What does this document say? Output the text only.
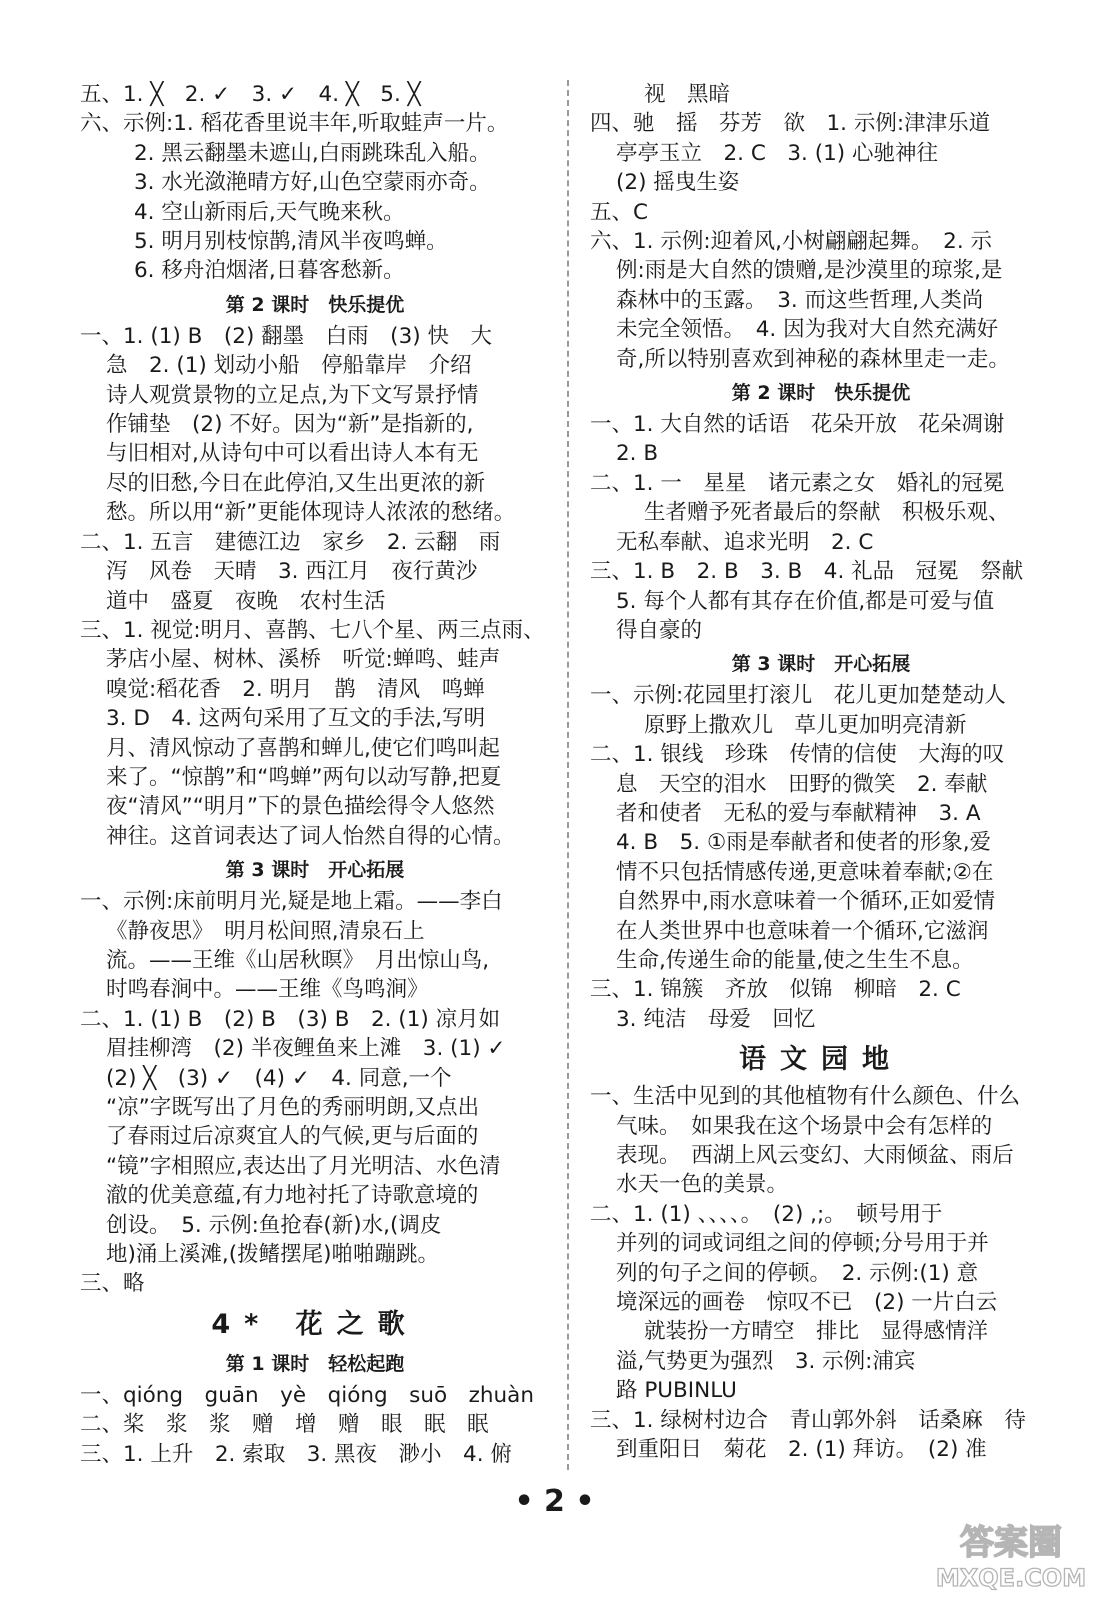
五、1. ╳　2. ✓　3. ✓　4. ╳　5. ╳
六、示例:1. 稻花香里说丰年,听取蛙声一片。
2. 黑云翻墨未遮山,白雨跳珠乱入船。
3. 水光潋滟晴方好,山色空蒙雨亦奇。
4. 空山新雨后,天气晚来秋。
5. 明月别枝惊鹊,清风半夜鸣蝉。
6. 移舟泊烟渚,日暮客愁新。
第 2 课时　快乐提优
一、1. (1) B　(2) 翻墨　白雨　(3) 快　大
急　2. (1) 划动小船　停船靠岸　介绍
诗人观赏景物的立足点,为下文写景抒情
作铺垫　(2) 不好。因为“新”是指新的,
与旧相对,从诗句中可以看出诗人本有无
尽的旧愁,今日在此停泊,又生出更浓的新
愁。所以用“新”更能体现诗人浓浓的愁绪。
二、1. 五言　建德江边　家乡　2. 云翻　雨
泻　风卷　天晴　3. 西江月　夜行黄沙
道中　盛夏　夜晚　农村生活
三、1. 视觉:明月、喜鹊、七八个星、两三点雨、
茅店小屋、树林、溪桥　听觉:蝉鸣、蛙声
嗅觉:稻花香　2. 明月　鹊　清风　鸣蝉
3. D　4. 这两句采用了互文的手法,写明
月、清风惊动了喜鹊和蝉儿,使它们鸣叫起
来了。“惊鹊”和“鸣蝉”两句以动写静,把夏
夜“清风”“明月”下的景色描绘得令人悠然
神往。这首词表达了词人怡然自得的心情。
第 3 课时　开心拓展
一、示例:床前明月光,疑是地上霜。——李白
《静夜思》　明月松间照,清泉石上
流。——王维《山居秋暝》　月出惊山鸟,
时鸣春涧中。——王维《鸟鸣涧》
二、1. (1) B　(2) B　(3) B　2. (1) 凉月如
眉挂柳湾　(2) 半夜鲤鱼来上滩　3. (1) ✓
(2) ╳　(3) ✓　(4) ✓　4. 同意,一个
“凉”字既写出了月色的秀丽明朗,又点出
了春雨过后凉爽宜人的气候,更与后面的
“镜”字相照应,表达出了月光明洁、水色清
澈的优美意蕴,有力地衬托了诗歌意境的
创设。　5. 示例:鱼抢春(新)水,(调皮
地)涌上溪滩,(拨鳍摆尾)啪啪蹦跳。
三、略
4* 花之歌
第 1 课时　轻松起跑
一、qióng　guān　yè　qióng　suō　zhuàn
二、桨　浆　浆　赠　增　赠　眼　眠　眠
三、1. 上升　2. 索取　3. 黑夜　渺小　4. 俯
视　黑暗
四、驰　摇　芬芳　欲　1. 示例:津津乐道
亭亭玉立　2. C　3. (1) 心驰神往
(2) 摇曳生姿
五、C
六、1. 示例:迎着风,小树翩翩起舞。　2. 示
例:雨是大自然的馈赠,是沙漠里的琼浆,是
森林中的玉露。　3. 而这些哲理,人类尚
未完全领悟。　4. 因为我对大自然充满好
奇,所以特别喜欢到神秘的森林里走一走。
第 2 课时　快乐提优
一、1. 大自然的话语　花朵开放　花朵凋谢
2. B
二、1. 一　星星　诸元素之女　婚礼的冠冕
生者赠予死者最后的祭献　积极乐观、
无私奉献、追求光明　2. C
三、1. B　2. B　3. B　4. 礼品　冠冕　祭献
5. 每个人都有其存在价值,都是可爱与值
得自豪的
第 3 课时　开心拓展
一、示例:花园里打滚儿　花儿更加楚楚动人
原野上撒欢儿　草儿更加明亮清新
二、1. 银线　珍珠　传情的信使　大海的叹
息　天空的泪水　田野的微笑　2. 奉献
者和使者　无私的爱与奉献精神　3. A
4. B　5. ①雨是奉献者和使者的形象,爱
情不只包括情感传递,更意味着奉献;②在
自然界中,雨水意味着一个循环,正如爱情
在人类世界中也意味着一个循环,它滋润
生命,传递生命的能量,使之生生不息。
三、1. 锦簇　齐放　似锦　柳暗　2. C
3. 纯洁　母爱　回忆
语文园地
一、生活中见到的其他植物有什么颜色、什么
气味。　如果我在这个场景中会有怎样的
表现。　西湖上风云变幻、大雨倾盆、雨后
水天一色的美景。
二、1. (1) 、、、、。　(2) ,;。　顿号用于
并列的词或词组之间的停顿;分号用于并
列的句子之间的停顿。　2. 示例:(1) 意
境深远的画卷　惊叹不已　(2) 一片白云
就装扮一方晴空　排比　显得感情洋
溢,气势更为强烈　3. 示例:浦宾
路 PUBINLU
三、1. 绿树村边合　青山郭外斜　话桑麻　待
到重阳日　菊花　2. (1) 拜访。　(2) 准
• 2 •
答案圈
MXQE.COM
